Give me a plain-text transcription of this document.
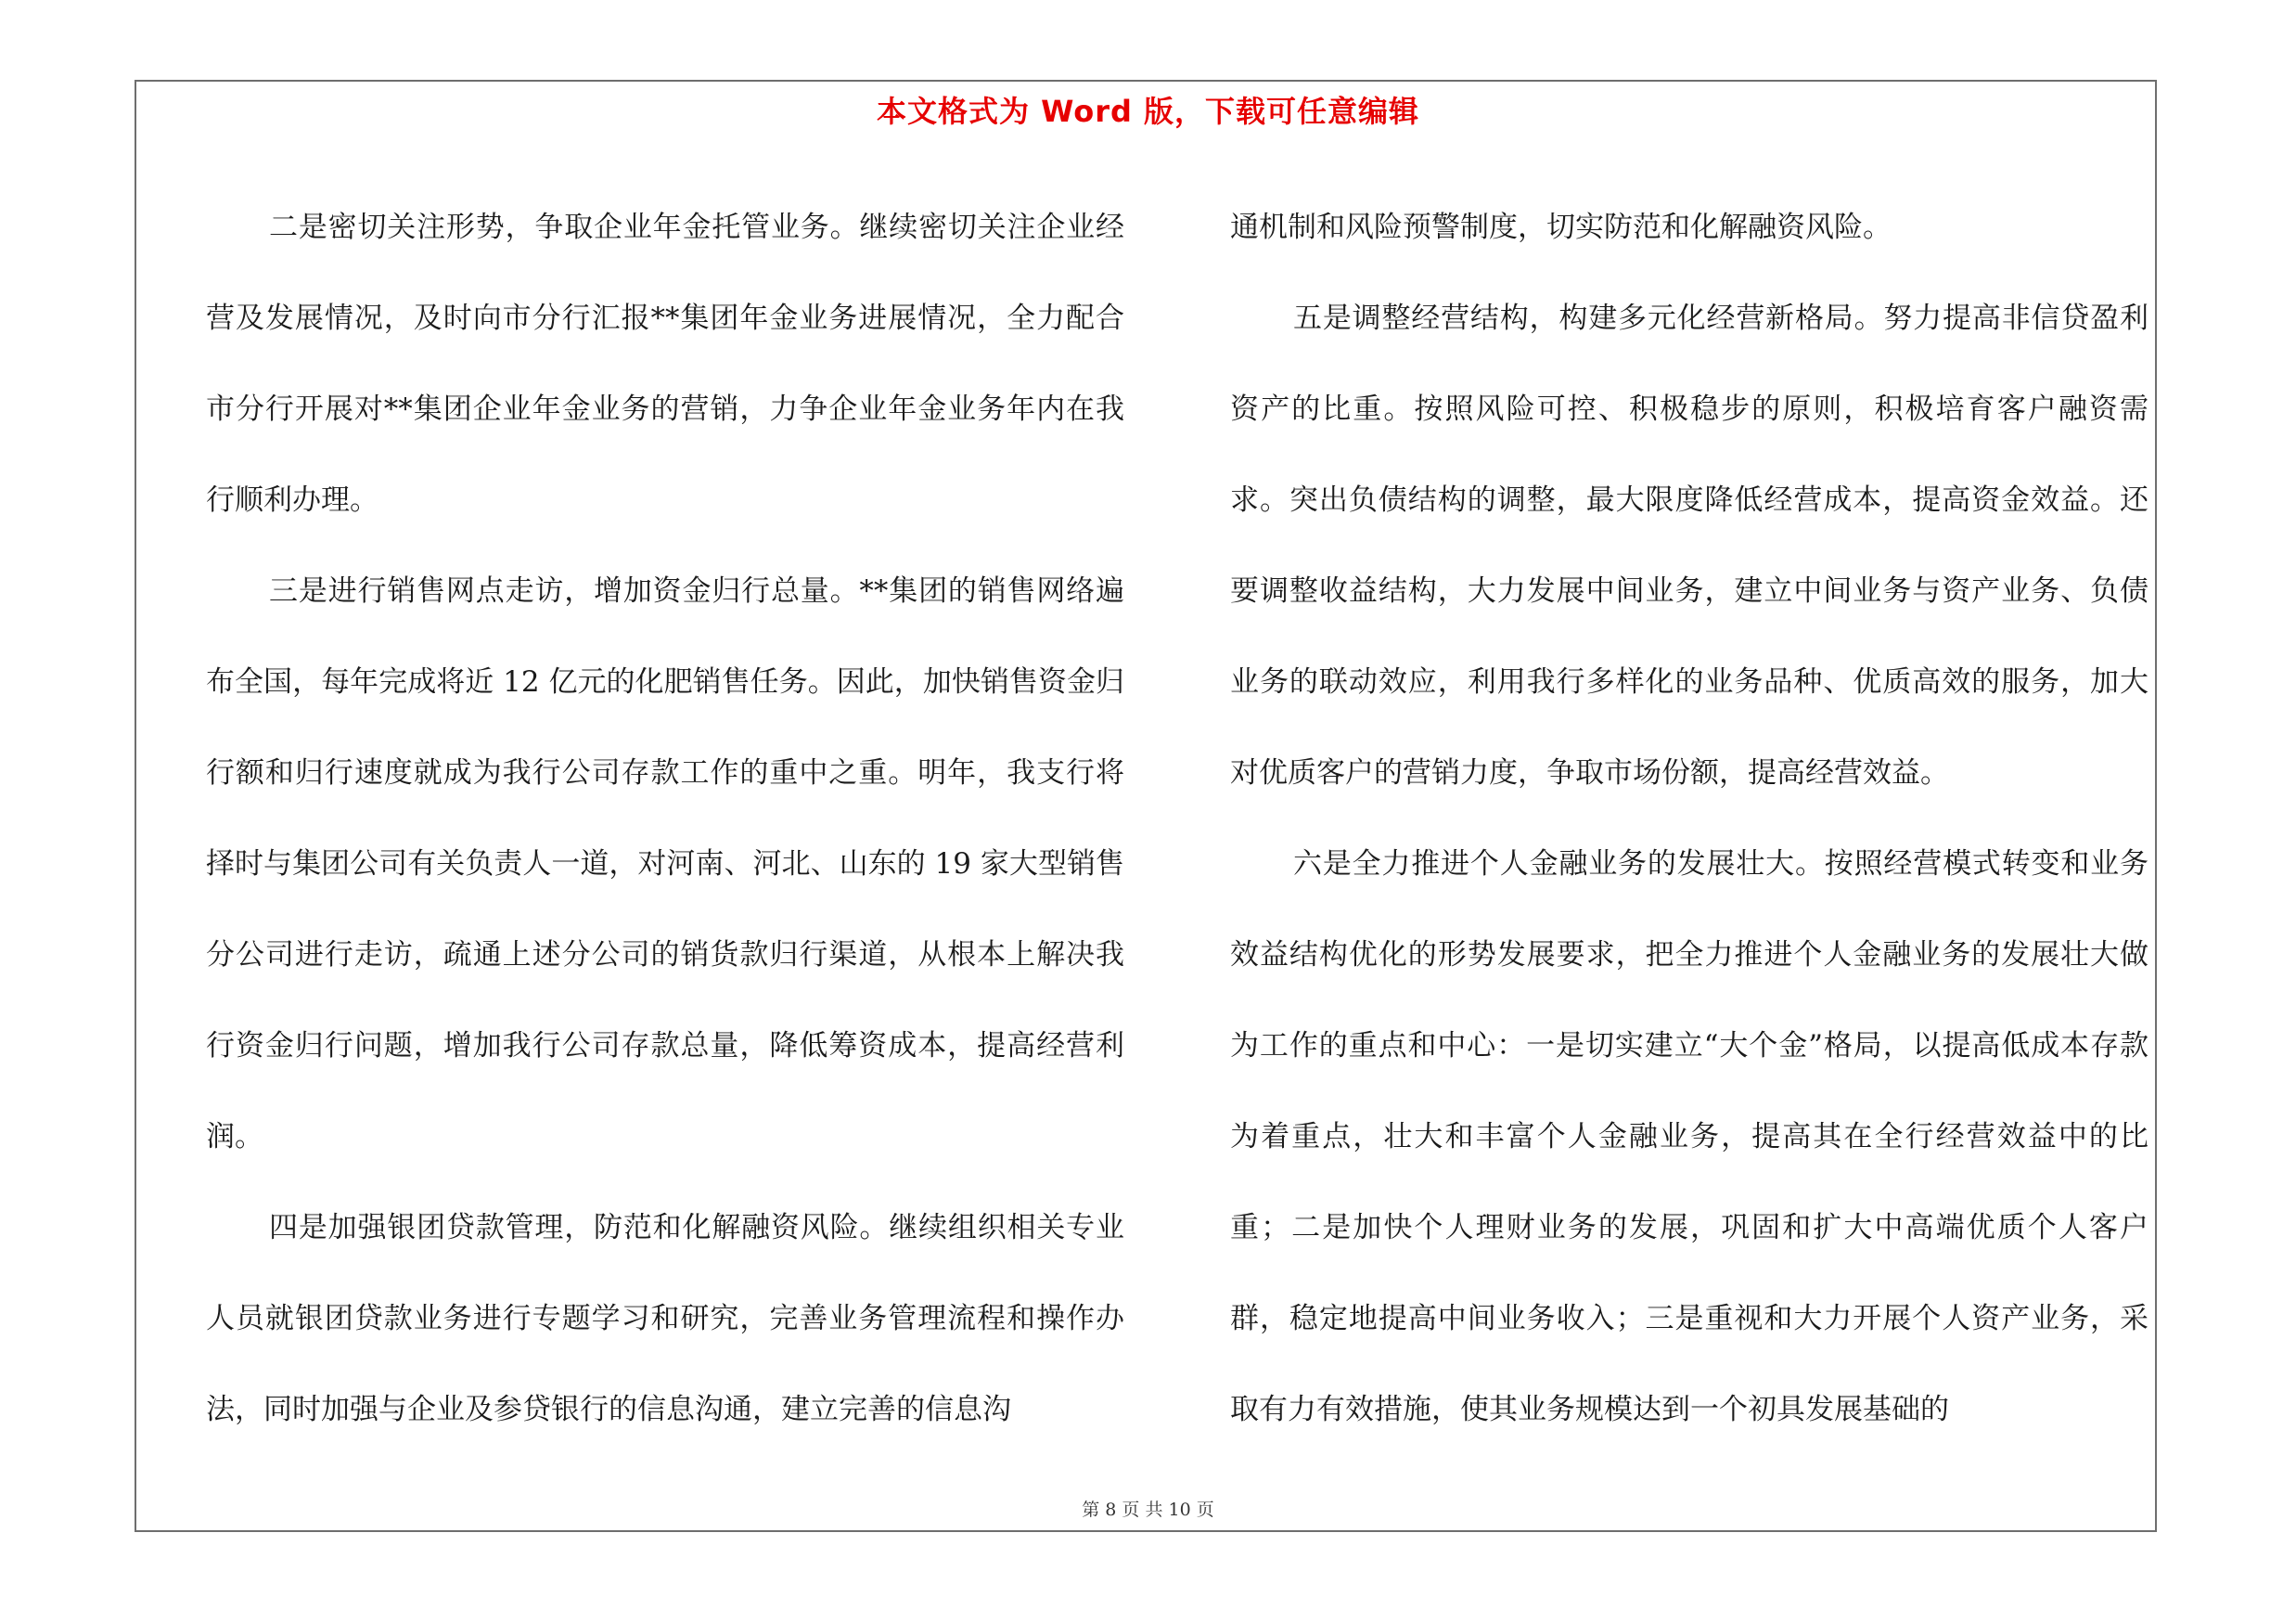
本文格式为 Word 版，下载可任意编辑

二是密切关注形势，争取企业年金托管业务。继续密切关注企业经营及发展情况，及时向市分行汇报**集团年金业务进展情况，全力配合市分行开展对**集团企业年金业务的营销，力争企业年金业务年内在我行顺利办理。

三是进行销售网点走访，增加资金归行总量。**集团的销售网络遍布全国，每年完成将近 12 亿元的化肥销售任务。因此，加快销售资金归行额和归行速度就成为我行公司存款工作的重中之重。明年，我支行将择时与集团公司有关负责人一道，对河南、河北、山东的 19 家大型销售分公司进行走访，疏通上述分公司的销货款归行渠道，从根本上解决我行资金归行问题，增加我行公司存款总量，降低筹资成本，提高经营利润。

四是加强银团贷款管理，防范和化解融资风险。继续组织相关专业人员就银团贷款业务进行专题学习和研究，完善业务管理流程和操作办法，同时加强与企业及参贷银行的信息沟通，建立完善的信息沟

通机制和风险预警制度，切实防范和化解融资风险。

五是调整经营结构，构建多元化经营新格局。努力提高非信贷盈利资产的比重。按照风险可控、积极稳步的原则，积极培育客户融资需求。突出负债结构的调整，最大限度降低经营成本，提高资金效益。还要调整收益结构，大力发展中间业务，建立中间业务与资产业务、负债业务的联动效应，利用我行多样化的业务品种、优质高效的服务，加大对优质客户的营销力度，争取市场份额，提高经营效益。

六是全力推进个人金融业务的发展壮大。按照经营模式转变和业务效益结构优化的形势发展要求，把全力推进个人金融业务的发展壮大做为工作的重点和中心：一是切实建立“大个金”格局，以提高低成本存款为着重点，壮大和丰富个人金融业务，提高其在全行经营效益中的比重；二是加快个人理财业务的发展，巩固和扩大中高端优质个人客户群，稳定地提高中间业务收入；三是重视和大力开展个人资产业务，采取有力有效措施，使其业务规模达到一个初具发展基础的

第 8 页 共 10 页
